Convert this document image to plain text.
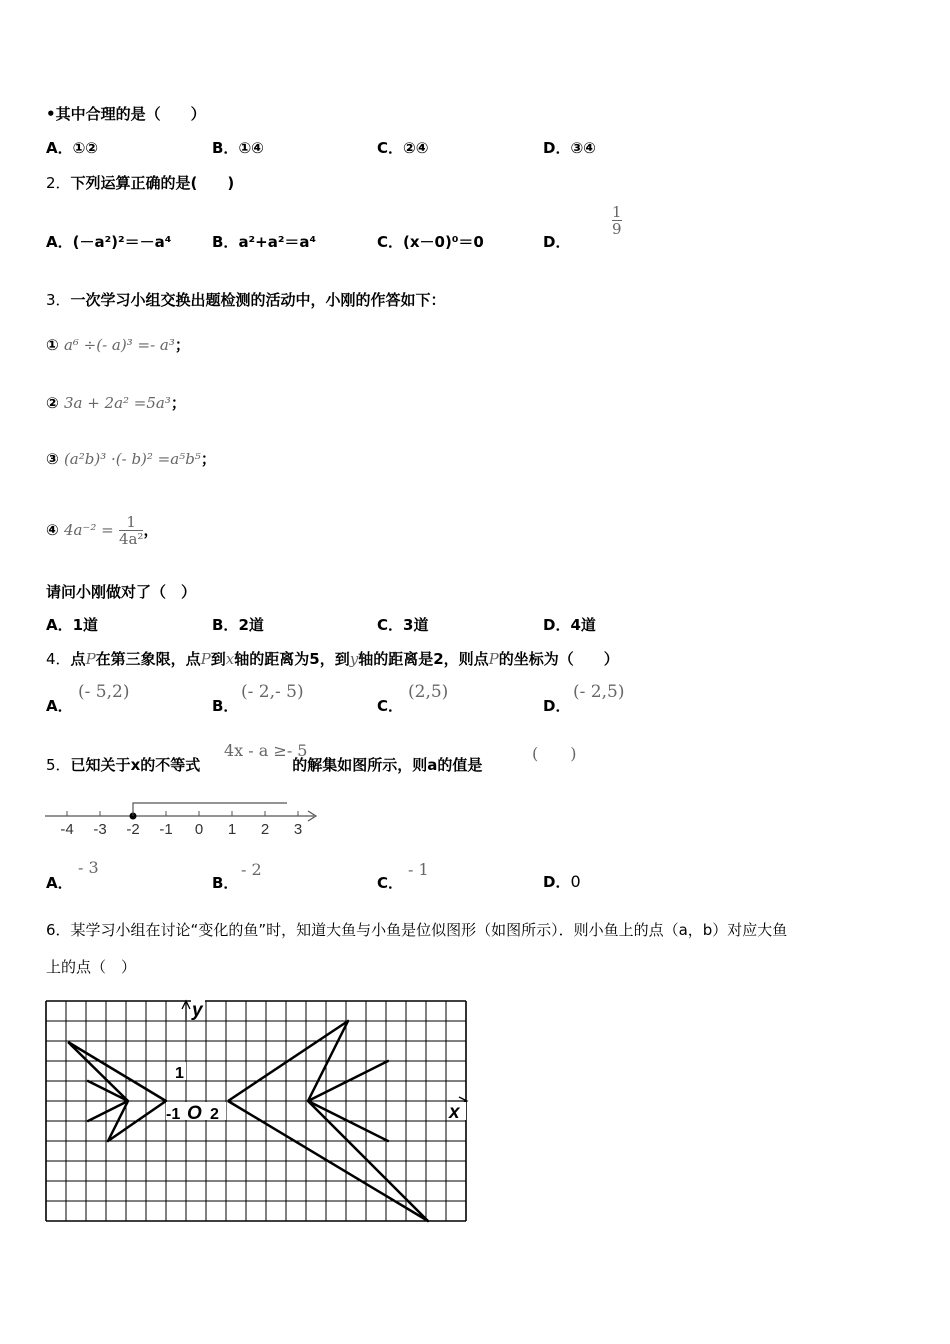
•其中合理的是（　　）
A．①②	B．①④	C．②④	D．③④
2．下列运算正确的是(　　)
A．(－a²)²＝－a⁴	B．a²+a²＝a⁴	C．(x－0)⁰＝0	D．
$\frac{1}{9}$
3．一次学习小组交换出题检测的活动中，小刚的作答如下：
① a⁶ ÷(- a)³ =- a³；
② 3a + 2a² =5a³；
③ (a²b)³ ·(- b)² =a⁵b⁵；
④ $4a^{-2} = \frac{1}{\text{4a²}}$ ，
请问小刚做对了（　）
A．1道	B．2道	C．3道	D．4道
4．点P在第三象限，点P到x轴的距离为5，到y轴的距离是2，则点P的坐标为（　　）
A．
(- 5,2)
B．
(- 2,- 5)
C．
(2,5)
D．
(- 2,5)
5．已知关于x的不等式	的解集如图所示，则a的值是
4x - a ≥- 5	(　　)
-4 -3 -2 -1 0 1 2 3
A．
- 3
B．
- 2
C．
- 1
D．0
6．某学习小组在讨论“变化的鱼”时，知道大鱼与小鱼是位似图形（如图所示）．则小鱼上的点（a，b）对应大鱼
上的点（　）
y
x
1
-1 O 2
